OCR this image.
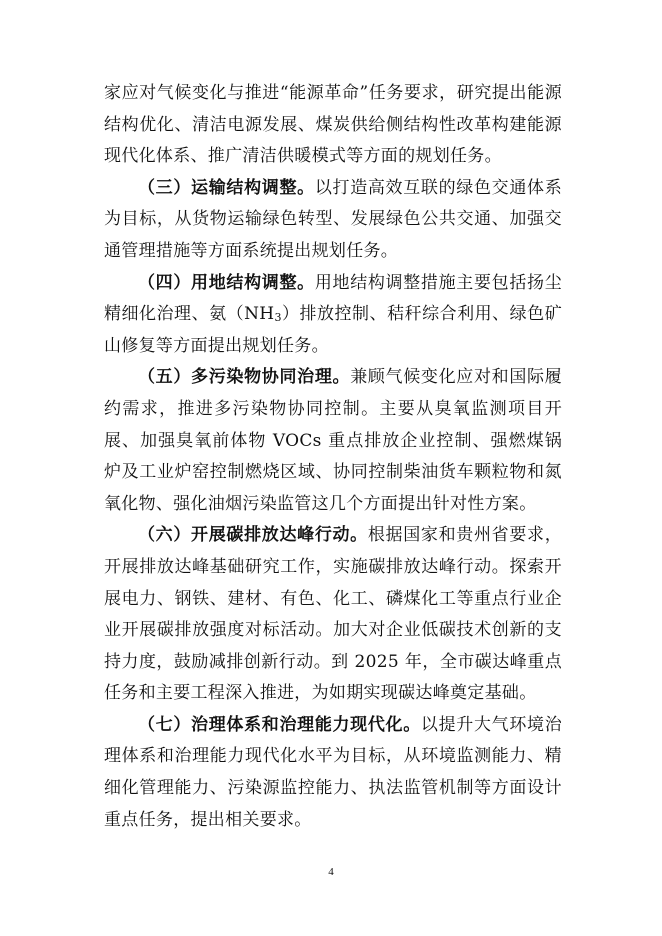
家应对气候变化与推进“能源革命”任务要求，研究提出能源结构优化、清洁电源发展、煤炭供给侧结构性改革构建能源现代化体系、推广清洁供暖模式等方面的规划任务。

（三）运输结构调整。以打造高效互联的绿色交通体系为目标，从货物运输绿色转型、发展绿色公共交通、加强交通管理措施等方面系统提出规划任务。

（四）用地结构调整。用地结构调整措施主要包括扬尘精细化治理、氨$(NH_3)$排放控制、秸秆综合利用、绿色矿山修复等方面提出规划任务。

（五）多污染物协同治理。兼顾气候变化应对和国际履约需求，推进多污染物协同控制。主要从臭氧监测项目开展、加强臭氧前体物 VOCs 重点排放企业控制、强燃煤锅炉及工业炉窑控制燃烧区域、协同控制柴油货车颗粒物和氮氧化物、强化油烟污染监管这几个方面提出针对性方案。

（六）开展碳排放达峰行动。根据国家和贵州省要求，开展排放达峰基础研究工作，实施碳排放达峰行动。探索开展电力、钢铁、建材、有色、化工、磷煤化工等重点行业企业开展碳排放强度对标活动。加大对企业低碳技术创新的支持力度，鼓励减排创新行动。到 2025 年，全市碳达峰重点任务和主要工程深入推进，为如期实现碳达峰奠定基础。

（七）治理体系和治理能力现代化。以提升大气环境治理体系和治理能力现代化水平为目标，从环境监测能力、精细化管理能力、污染源监控能力、执法监管机制等方面设计重点任务，提出相关要求。

4
